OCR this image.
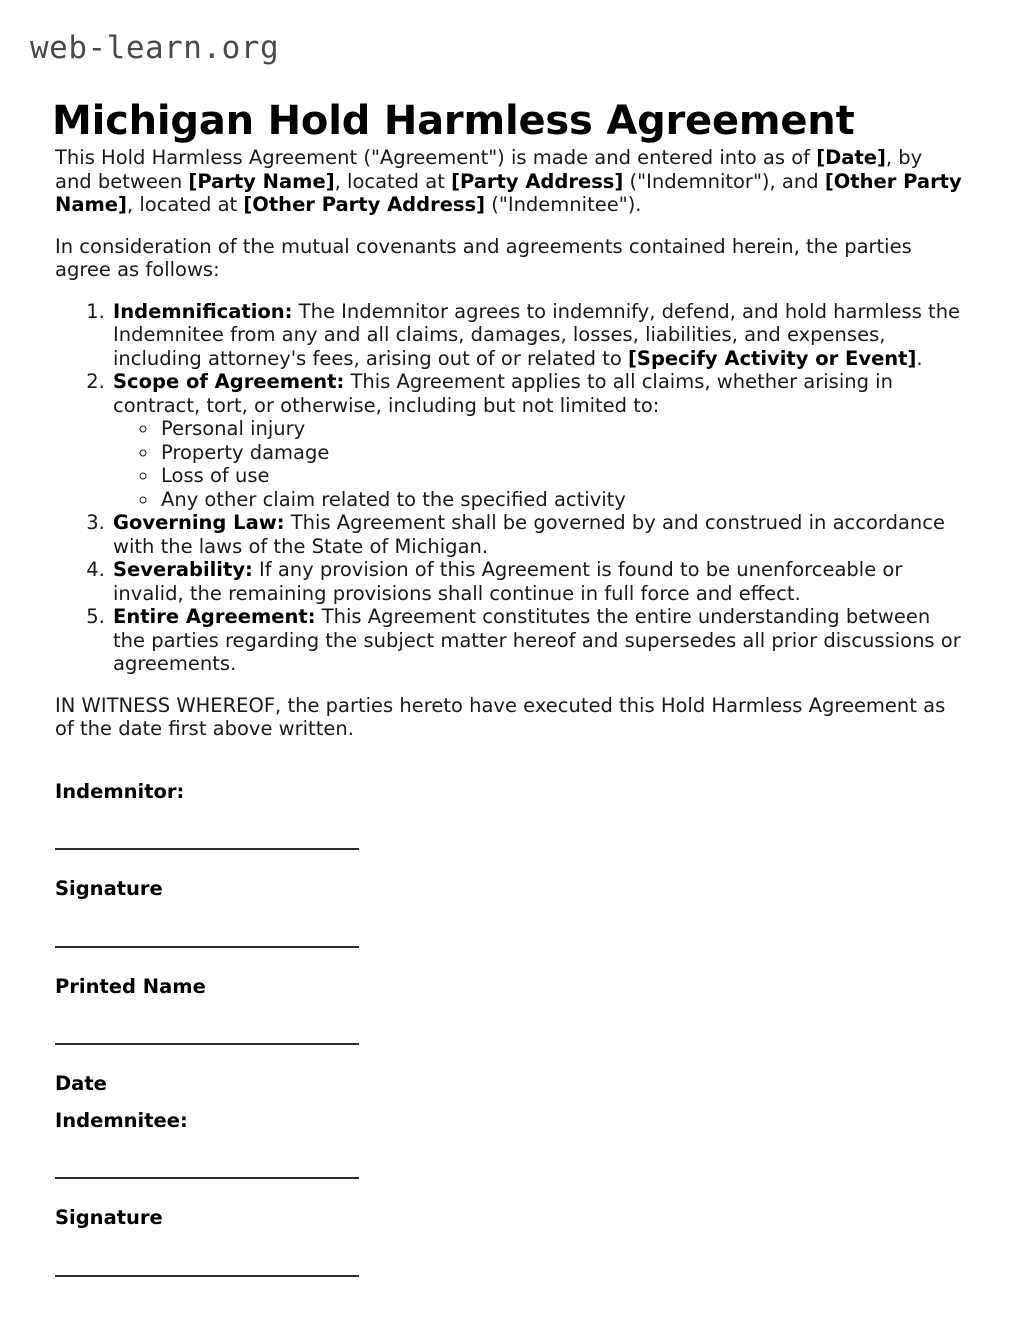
web-learn.org
Michigan Hold Harmless Agreement

This Hold Harmless Agreement ("Agreement") is made and entered into as of [Date], by and between [Party Name], located at [Party Address] ("Indemnitor"), and [Other Party Name], located at [Other Party Address] ("Indemnitee").

In consideration of the mutual covenants and agreements contained herein, the parties agree as follows:

1. Indemnification: The Indemnitor agrees to indemnify, defend, and hold harmless the Indemnitee from any and all claims, damages, losses, liabilities, and expenses, including attorney's fees, arising out of or related to [Specify Activity or Event].
2. Scope of Agreement: This Agreement applies to all claims, whether arising in contract, tort, or otherwise, including but not limited to:
◦ Personal injury
◦ Property damage
◦ Loss of use
◦ Any other claim related to the specified activity
3. Governing Law: This Agreement shall be governed by and construed in accordance with the laws of the State of Michigan.
4. Severability: If any provision of this Agreement is found to be unenforceable or invalid, the remaining provisions shall continue in full force and effect.
5. Entire Agreement: This Agreement constitutes the entire understanding between the parties regarding the subject matter hereof and supersedes all prior discussions or agreements.

IN WITNESS WHEREOF, the parties hereto have executed this Hold Harmless Agreement as of the date first above written.

Indemnitor:
Signature
Printed Name
Date
Indemnitee:
Signature
